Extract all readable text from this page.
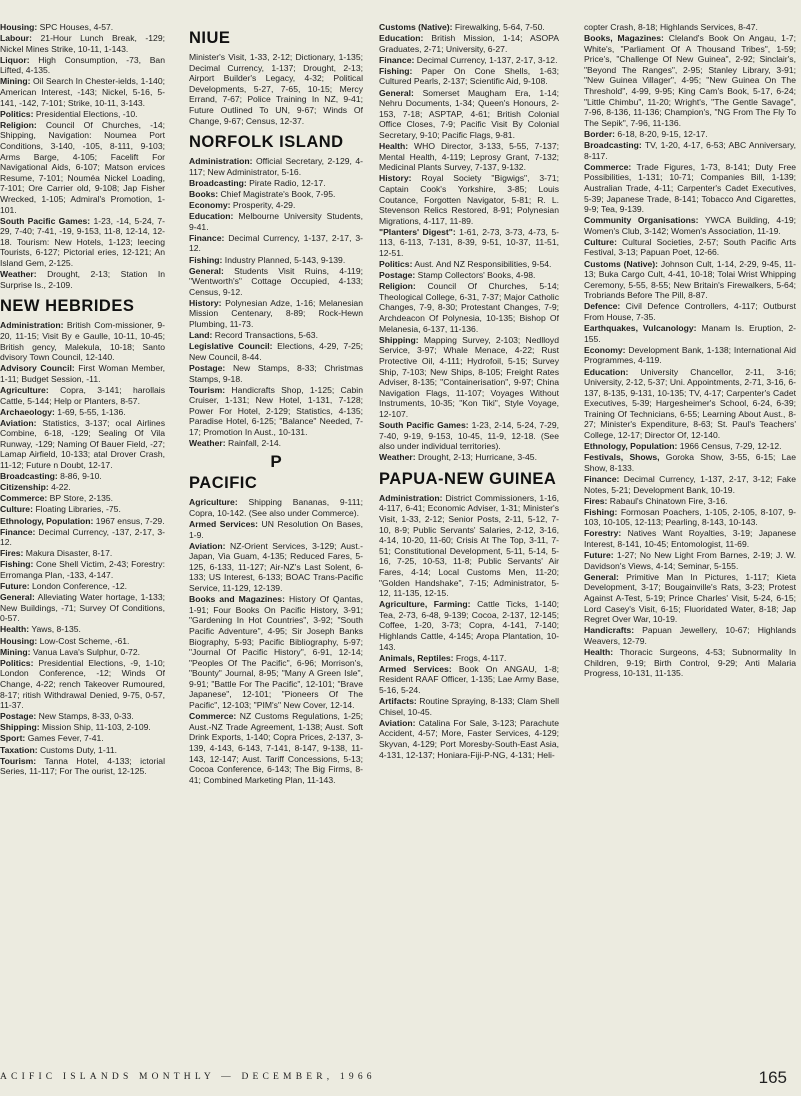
Housing: SPC Houses, 4-57.
Labour: 21-Hour Lunch Break, -129; Nickel Mines Strike, 10-11, 1-143.
Liquor: High Consumption, -73, Ban Lifted, 4-135.
Mining: Oil Search In Chester-ields, 1-140; American Interest, -143; Nickel, 5-16, 5-141, -142, 7-101; Strike, 10-11, 3-143.
Politics: Presidential Elections, -10.
Religion: Council Of Churches, -14; Shipping, Navigation: Noumea Port Conditions, 3-140, -105, 8-111, 9-103; Arms Barge, 4-105; Facelift For Navigational Aids, 6-107; Matson ervices Resume, 7-101; Nouméa Nickel Loading, 7-101; Ore Carrier old, 9-108; Jap Fisher Wrecked, 1-105; Admiral's Promotion, 1-101.
South Pacific Games: 1-23, -14, 5-24, 7-29, 7-40; 7-41, -19, 9-153, 11-8, 12-14, 12-18. Tourism: New Hotels, 1-123; leecing Tourists, 6-127; Pictorial eries, 12-121; An Island Gem, 2-125.
Weather: Drought, 2-13; Station In Surprise Is., 2-109.
NEW HEBRIDES
Administration: British Com-missioner, 9-20, 11-15; Visit By e Gaulle, 10-11, 10-45; British gency, Malekula, 10-18; Santo dvisory Town Council, 12-140.
Advisory Council: First Woman Member, 1-11; Budget Session, -11.
Agriculture: Copra, 3-141; harollais Cattle, 5-144; Help or Planters, 8-57.
Archaeology: 1-69, 5-55, 1-136.
Aviation: Statistics, 3-137; ocal Airlines Combine, 6-18, -129; Sealing Of Vila Runway, -129; Naming Of Bauer Field, -27; Lamap Airfield, 10-133; atal Drover Crash, 11-12; Future n Doubt, 12-17.
Broadcasting: 8-86, 9-10.
Citizenship: 4-22.
Commerce: BP Store, 2-135.
Culture: Floating Libraries, -75.
Ethnology, Population: 1967 ensus, 7-29.
Finance: Decimal Currency, -137, 2-17, 3-12.
Fires: Makura Disaster, 8-17.
Fishing: Cone Shell Victim, 2-43; Forestry: Erromanga Plan, -133, 4-147.
Future: London Conference, -12.
General: Alleviating Water hortage, 1-133; New Buildings, -71; Survey Of Conditions, 0-57.
Health: Yaws, 8-135.
Housing: Low-Cost Scheme, -61.
Mining: Vanua Lava's Sulphur, 0-72.
Politics: Presidential Elections, -9, 1-10; London Conference, -12; Winds Of Change, 4-22; rench Takeover Rumoured, 8-17; ritish Withdrawal Denied, 9-75, 0-57, 11-37.
Postage: New Stamps, 8-33, 0-33.
Shipping: Mission Ship, 11-103, 2-109.
Sport: Games Fever, 7-41.
Taxation: Customs Duty, 1-11.
Tourism: Tanna Hotel, 4-133; ictorial Series, 11-117; For The ourist, 12-125.
NIUE
Minister's Visit, 1-33, 2-12; Dictionary, 1-135; Decimal Currency, 1-137; Drought, 2-13; Airport Builder's Legacy, 4-32; Political Developments, 5-27, 7-65, 10-15; Mercy Errand, 7-67; Police Training In NZ, 9-41; Future Outlined To UN, 9-67; Winds Of Change, 9-67; Census, 12-37.
NORFOLK ISLAND
Administration: Official Secretary, 2-129, 4-117; New Administrator, 5-16.
Broadcasting: Pirate Radio, 12-17.
Books: Chief Magistrate's Book, 7-95.
Economy: Prosperity, 4-29.
Education: Melbourne University Students, 9-41.
Finance: Decimal Currency, 1-137, 2-17, 3-12.
Fishing: Industry Planned, 5-143, 9-139.
General: Students Visit Ruins, 4-119; "Wentworth's" Cottage Occupied, 4-133; Census, 9-12.
History: Polynesian Adze, 1-16; Melanesian Mission Centenary, 8-89; Rock-Hewn Plumbing, 11-73.
Land: Record Transactions, 5-63.
Legislative Council: Elections, 4-29, 7-25; New Council, 8-44.
Postage: New Stamps, 8-33; Christmas Stamps, 9-18.
Tourism: Handicrafts Shop, 1-125; Cabin Cruiser, 1-131; New Hotel, 1-131, 7-128; Power For Hotel, 2-129; Statistics, 4-135; Paradise Hotel, 6-125; "Balance" Needed, 7-17; Promotion In Aust., 10-131.
Weather: Rainfall, 2-14.
P
PACIFIC
Agriculture: Shipping Bananas, 9-111; Copra, 10-142. (See also under Commerce).
Armed Services: UN Resolution On Bases, 1-9.
Aviation: NZ-Orient Services, 3-129; Aust.-Japan, Via Guam, 4-135; Reduced Fares, 5-125, 6-133, 11-127; Air-NZ's Last Solent, 6-133; US Interest, 6-133; BOAC Trans-Pacific Service, 11-129, 12-139.
Books and Magazines: History Of Qantas, 1-91; Four Books On Pacific History, 3-91; "Gardening In Hot Countries", 3-92; "South Pacific Adventure", 4-95; Sir Joseph Banks Biography, 5-93; Pacific Bibliography, 5-97; "Journal Of Pacific History", 6-91, 12-14; "Peoples Of The Pacific", 6-96; Morrison's, "Bounty" Journal, 8-95; "Many A Green Isle", 9-91; "Battle For The Pacific", 12-101; "Brave Japanese", 12-101; "Pioneers Of The Pacific", 12-103; "PIM's" New Cover, 12-14.
Commerce: NZ Customs Regulations, 1-25; Aust.-NZ Trade Agreement, 1-138; Aust. Soft Drink Exports, 1-140; Copra Prices, 2-137, 3-139, 4-143, 6-143, 7-141, 8-147, 9-138, 11-143, 12-147; Aust. Tariff Concessions, 5-13; Cocoa Conference, 6-143; The Big Firms, 8-41; Combined Marketing Plan, 11-143.
Customs (Native): Firewalking, 5-64, 7-50.
Education: British Mission, 1-14; ASOPA Graduates, 2-71; University, 6-27.
Finance: Decimal Currency, 1-137, 2-17, 3-12.
Fishing: Paper On Cone Shells, 1-63; Cultured Pearls, 2-137; Scientific Aid, 9-108.
General: Somerset Maugham Era, 1-14; Nehru Documents, 1-34; Queen's Honours, 2-153, 7-18; ASPTAP, 4-61; British Colonial Office Closes, 7-9; Pacific Visit By Colonial Secretary, 9-10; Pacific Flags, 9-81.
Health: WHO Director, 3-133, 5-55, 7-137; Mental Health, 4-119; Leprosy Grant, 7-132; Medicinal Plants Survey, 7-137, 9-132.
History: Royal Society "Bigwigs", 3-71; Captain Cook's Yorkshire, 3-85; Louis Coutance, Forgotten Navigator, 5-81; R. L. Stevenson Relics Restored, 8-91; Polynesian Migrations, 4-117, 11-89.
"Planters' Digest": 1-61, 2-73, 3-73, 4-73, 5-113, 6-113, 7-131, 8-39, 9-51, 10-37, 11-51, 12-51.
Politics: Aust. And NZ Responsibilities, 9-54.
Postage: Stamp Collectors' Books, 4-98.
Religion: Council Of Churches, 5-14; Theological College, 6-31, 7-37; Major Catholic Changes, 7-9, 8-30; Protestant Changes, 7-9; Archdeacon Of Polynesia, 10-135; Bishop Of Melanesia, 6-137, 11-136.
Shipping: Mapping Survey, 2-103; Nedlloyd Service, 3-97; Whale Menace, 4-22; Rust Protective Oil, 4-111; Hydrofoil, 5-15; Survey Ship, 7-103; New Ships, 8-105; Freight Rates Adviser, 8-135; "Containerisation", 9-97; China Navigation Flags, 11-107; Voyages Without Instruments, 10-35; "Kon Tiki", Style Voyage, 12-107.
South Pacific Games: 1-23, 2-14, 5-24, 7-29, 7-40, 9-19, 9-153, 10-45, 11-9, 12-18. (See also under individual territories).
Weather: Drought, 2-13; Hurricane, 3-45.
PAPUA-NEW GUINEA
Administration: District Commissioners, 1-16, 4-117, 6-41; Economic Adviser, 1-31; Minister's Visit, 1-33, 2-12; Senior Posts, 2-11, 5-12, 7-10, 8-9; Public Servants' Salaries, 2-12, 3-16, 4-14, 10-20, 11-60; Crisis At The Top, 3-11, 7-51; Constitutional Development, 5-11, 5-14, 5-16, 7-25, 10-53, 11-8; Public Servants' Air Fares, 4-14; Local Customs Men, 11-20; "Golden Handshake", 7-15; Administrator, 5-12, 11-135, 12-15.
Agriculture, Farming: Cattle Ticks, 1-140; Tea, 2-73, 6-48, 9-139; Cocoa, 2-137, 12-145; Coffee, 1-20, 3-73; Copra, 4-141, 7-140; Highlands Cattle, 4-145; Aropa Plantation, 10-143.
Animals, Reptiles: Frogs, 4-117.
Armed Services: Book On ANGAU, 1-8; Resident RAAF Officer, 1-135; Lae Army Base, 5-16, 5-24.
Artifacts: Routine Spraying, 8-133; Clam Shell Chisel, 10-45.
Aviation: Catalina For Sale, 3-123; Parachute Accident, 4-57; More, Faster Services, 4-129; Skyvan, 4-129; Port Moresby-South-East Asia, 4-131, 12-137; Honiara-Fiji-P-NG, 4-131; Heli-
copter Crash, 8-18; Highlands Services, 8-47.
Books, Magazines: Cleland's Book On Angau, 1-7; White's, "Parliament Of A Thousand Tribes", 1-59; Price's, "Challenge Of New Guinea", 2-92; Sinclair's, "Beyond The Ranges", 2-95; Stanley Library, 3-91; "New Guinea Villager", 4-95; "New Guinea On The Threshold", 4-99, 9-95; King Cam's Book, 5-17, 6-24; "Little Chimbu", 11-20; Wright's, "The Gentle Savage", 7-96, 8-136, 11-136; Champion's, "NG From The Fly To The Sepik", 7-96, 11-136.
Border: 6-18, 8-20, 9-15, 12-17.
Broadcasting: TV, 1-20, 4-17, 6-53; ABC Anniversary, 8-117.
Commerce: Trade Figures, 1-73, 8-141; Duty Free Possibilities, 1-131; 10-71; Companies Bill, 1-139; Australian Trade, 4-11; Carpenter's Cadet Executives, 5-39; Japanese Trade, 8-141; Tobacco And Cigarettes, 9-9; Tea, 9-139.
Community Organisations: YWCA Building, 4-19; Women's Club, 3-142; Women's Association, 11-19.
Culture: Cultural Societies, 2-57; South Pacific Arts Festival, 3-13; Papuan Poet, 12-66.
Customs (Native): Johnson Cult, 1-14, 2-29, 9-45, 11-13; Buka Cargo Cult, 4-41, 10-18; Tolai Wrist Whipping Ceremony, 5-55, 8-55; New Britain's Firewalkers, 5-64; Trobriands Before The Pill, 8-87.
Defence: Civil Defence Controllers, 4-117; Outburst From House, 7-35.
Earthquakes, Vulcanology: Manam Is. Eruption, 2-155.
Economy: Development Bank, 1-138; International Aid Programmes, 4-119.
Education: University Chancellor, 2-11, 3-16; University, 2-12, 5-37; Uni. Appointments, 2-71, 3-16, 6-137, 8-135, 9-131, 10-135; TV, 4-17; Carpenter's Cadet Executives, 5-39; Hargesheimer's School, 6-24, 6-39; Training Of Technicians, 6-55; Learning About Aust., 8-27; Minister's Expenditure, 8-63; St. Paul's Teachers' College, 12-17; Director Of, 12-140.
Ethnology, Population: 1966 Census, 7-29, 12-12.
Festivals, Shows, Goroka Show, 3-55, 6-15; Lae Show, 8-133.
Finance: Decimal Currency, 1-137, 2-17, 3-12; Fake Notes, 5-21; Development Bank, 10-19.
Fires: Rabaul's Chinatown Fire, 3-16.
Fishing: Formosan Poachers, 1-105, 2-105, 8-107, 9-103, 10-105, 12-113; Pearling, 8-143, 10-143.
Forestry: Natives Want Royalties, 3-19; Japanese Interest, 8-141, 10-45; Entomologist, 11-69.
Future: 1-27; No New Light From Barnes, 2-19; J. W. Davidson's Views, 4-14; Seminar, 5-155.
General: Primitive Man In Pictures, 1-117; Kieta Development, 3-17; Bougainville's Rats, 3-23; Protest Against A-Test, 5-19; Prince Charles' Visit, 5-24, 6-15; Lord Casey's Visit, 6-15; Fluoridated Water, 8-18; Jap Regret Over War, 10-19.
Handicrafts: Papuan Jewellery, 10-67; Highlands Weavers, 12-79.
Health: Thoracic Surgeons, 4-53; Subnormality In Children, 9-19; Birth Control, 9-29; Anti Malaria Progress, 10-131, 11-135.
ACIFIC ISLANDS MONTHLY — DECEMBER, 1966	165
